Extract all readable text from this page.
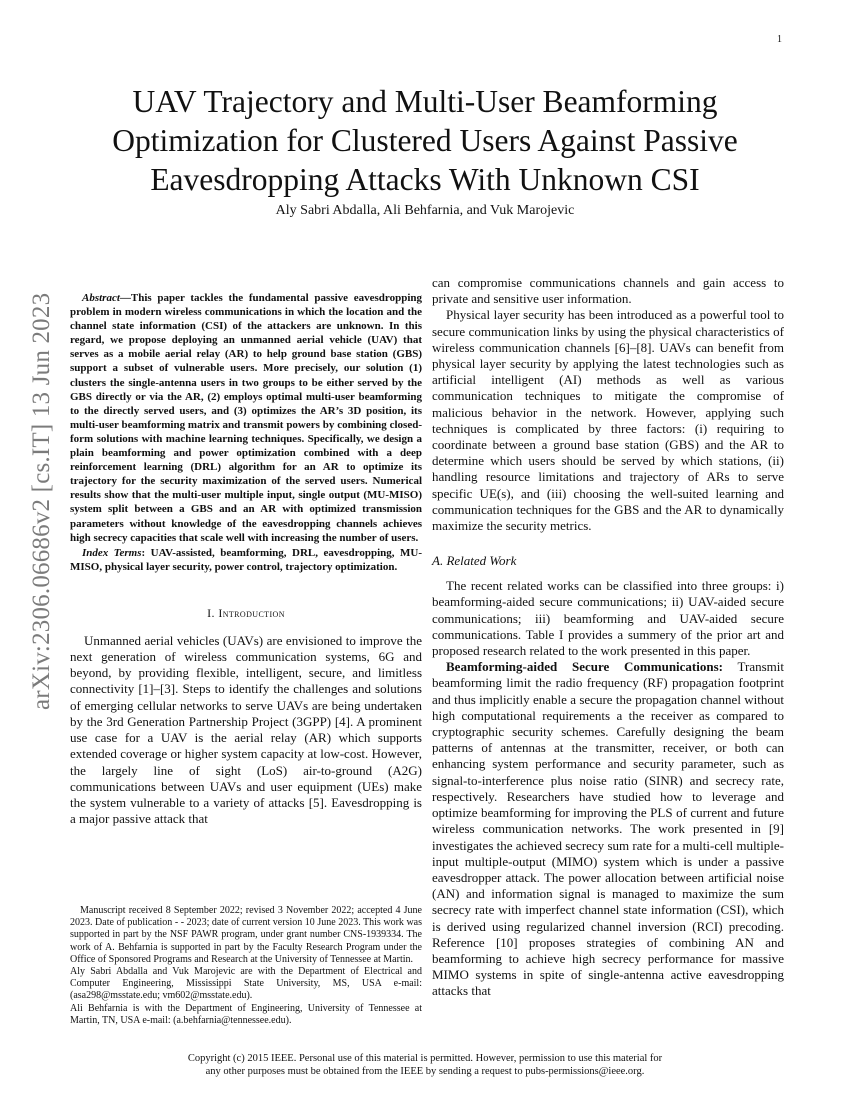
1
arXiv:2306.06686v2 [cs.IT] 13 Jun 2023
UAV Trajectory and Multi-User Beamforming
Optimization for Clustered Users Against Passive
Eavesdropping Attacks With Unknown CSI
Aly Sabri Abdalla, Ali Behfarnia, and Vuk Marojevic

Abstract—This paper tackles the fundamental passive eavesdropping problem in modern wireless communications in which the location and the channel state information (CSI) of the attackers are unknown. In this regard, we propose deploying an unmanned aerial vehicle (UAV) that serves as a mobile aerial relay (AR) to help ground base station (GBS) support a subset of vulnerable users. More precisely, our solution (1) clusters the single-antenna users in two groups to be either served by the GBS directly or via the AR, (2) employs optimal multi-user beamforming to the directly served users, and (3) optimizes the AR’s 3D position, its multi-user beamforming matrix and transmit powers by combining closed-form solutions with machine learning techniques. Specifically, we design a plain beamforming and power optimization combined with a deep reinforcement learning (DRL) algorithm for an AR to optimize its trajectory for the security maximization of the served users. Numerical results show that the multi-user multiple input, single output (MU-MISO) system split between a GBS and an AR with optimized transmission parameters without knowledge of the eavesdropping channels achieves high secrecy capacities that scale well with increasing the number of users.

Index Terms: UAV-assisted, beamforming, DRL, eavesdropping, MU-MISO, physical layer security, power control, trajectory optimization.

I. Introduction

Unmanned aerial vehicles (UAVs) are envisioned to improve the next generation of wireless communication systems, 6G and beyond, by providing flexible, intelligent, secure, and limitless connectivity [1]–[3]. Steps to identify the challenges and solutions of emerging cellular networks to serve UAVs are being undertaken by the 3rd Generation Partnership Project (3GPP) [4]. A prominent use case for a UAV is the aerial relay (AR) which supports extended coverage or higher system capacity at low-cost. However, the largely line of sight (LoS) air-to-ground (A2G) communications between UAVs and user equipment (UEs) make the system vulnerable to a variety of attacks [5]. Eavesdropping is a major passive attack that

can compromise communications channels and gain access to private and sensitive user information.

Physical layer security has been introduced as a powerful tool to secure communication links by using the physical characteristics of wireless communication channels [6]–[8]. UAVs can benefit from physical layer security by applying the latest technologies such as artificial intelligent (AI) methods as well as various communication techniques to mitigate the compromise of malicious behavior in the network. However, applying such techniques is complicated by three factors: (i) requiring to coordinate between a ground base station (GBS) and the AR to determine which users should be served by which stations, (ii) handling resource limitations and trajectory of ARs to serve specific UE(s), and (iii) choosing the well-suited learning and communication techniques for the GBS and the AR to dynamically maximize the security metrics.

A. Related Work

The recent related works can be classified into three groups: i) beamforming-aided secure communications; ii) UAV-aided secure communications; iii) beamforming and UAV-aided secure communications. Table I provides a summery of the prior art and proposed research related to the work presented in this paper.

Beamforming-aided Secure Communications: Transmit beamforming limit the radio frequency (RF) propagation footprint and thus implicitly enable a secure the propagation channel without high computational requirements a the receiver as compared to cryptographic security schemes. Carefully designing the beam patterns of antennas at the transmitter, receiver, or both can enhancing system performance and security parameter, such as signal-to-interference plus noise ratio (SINR) and secrecy rate, respectively. Researchers have studied how to leverage and optimize beamforming for improving the PLS of current and future wireless communication networks. The work presented in [9] investigates the achieved secrecy sum rate for a multi-cell multiple-input multiple-output (MIMO) system which is under a passive eavesdropper attack. The power allocation between artificial noise (AN) and information signal is managed to maximize the sum secrecy rate with imperfect channel state information (CSI), which is derived using regularized channel inversion (RCI) precoding. Reference [10] proposes strategies of combining AN and beamforming to achieve high secrecy performance for massive MIMO systems in spite of single-antenna active eavesdropping attacks that

Manuscript received 8 September 2022; revised 3 November 2022; accepted 4 June 2023. Date of publication - - 2023; date of current version 10 June 2023. This work was supported in part by the NSF PAWR program, under grant number CNS-1939334. The work of A. Behfarnia is supported in part by the Faculty Research Program under the Office of Sponsored Programs and Research at the University of Tennessee at Martin.

Aly Sabri Abdalla and Vuk Marojevic are with the Department of Electrical and Computer Engineering, Mississippi State University, MS, USA e-mail: (asa298@msstate.edu; vm602@msstate.edu).

Ali Behfarnia is with the Department of Engineering, University of Tennessee at Martin, TN, USA e-mail: (a.behfarnia@tennessee.edu).

Copyright (c) 2015 IEEE. Personal use of this material is permitted. However, permission to use this material for
any other purposes must be obtained from the IEEE by sending a request to pubs-permissions@ieee.org.
